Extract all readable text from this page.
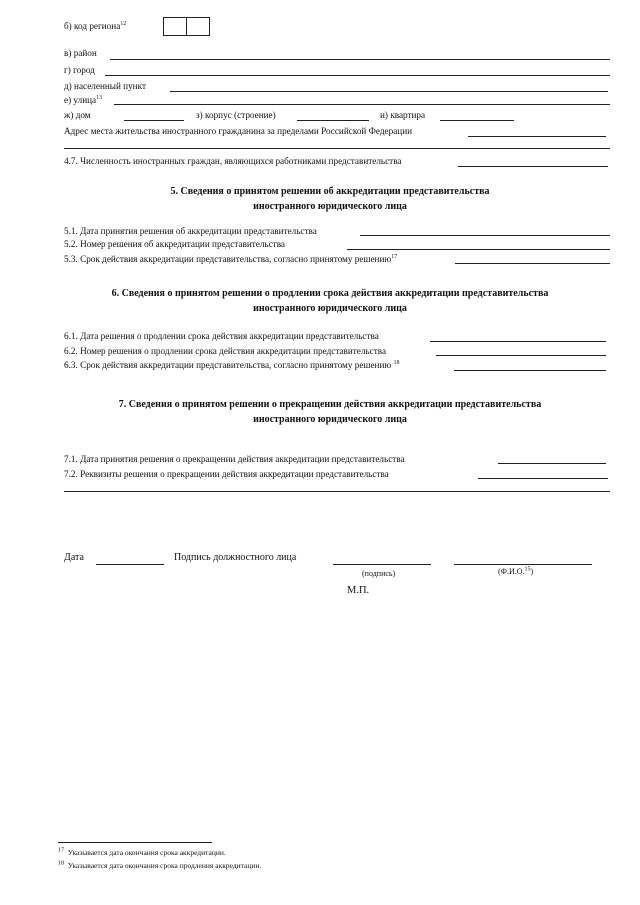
б) код региона$^{12}$
в) район
г) город
д) населенный пункт
е) улица$^{13}$
ж) дом	з) корпус (строение)	и) квартира
Адрес места жительства иностранного гражданина за пределами Российской Федерации
4.7. Численность иностранных граждан, являющихся работниками представительства
5. Сведения о принятом решении об аккредитации представительства
иностранного юридического лица
5.1. Дата принятия решения об аккредитации представительства
5.2. Номер решения об аккредитации представительства
5.3. Срок действия аккредитации представительства, согласно принятому решению$^{17}$
6. Сведения о принятом решении о продлении срока действия аккредитации представительства
иностранного юридического лица
6.1. Дата решения о продлении срока действия аккредитации представительства
6.2. Номер решения о продлении срока действия аккредитации представительства
6.3. Срок действия аккредитации представительства, согласно принятому решению $^{18}$
7. Сведения о принятом решении о прекращении действия аккредитации представительства
иностранного юридического лица
7.1. Дата принятия решения о прекращении действия аккредитации представительства
7.2. Реквизиты решения о прекращении действия аккредитации представительства
Дата	Подпись должностного лица
(подпись)	(Ф.И.О.$^{15}$)
М.П.
$^{17}$ Указывается дата окончания срока аккредитации.
$^{18}$ Указывается дата окончания срока продления аккредитации.
